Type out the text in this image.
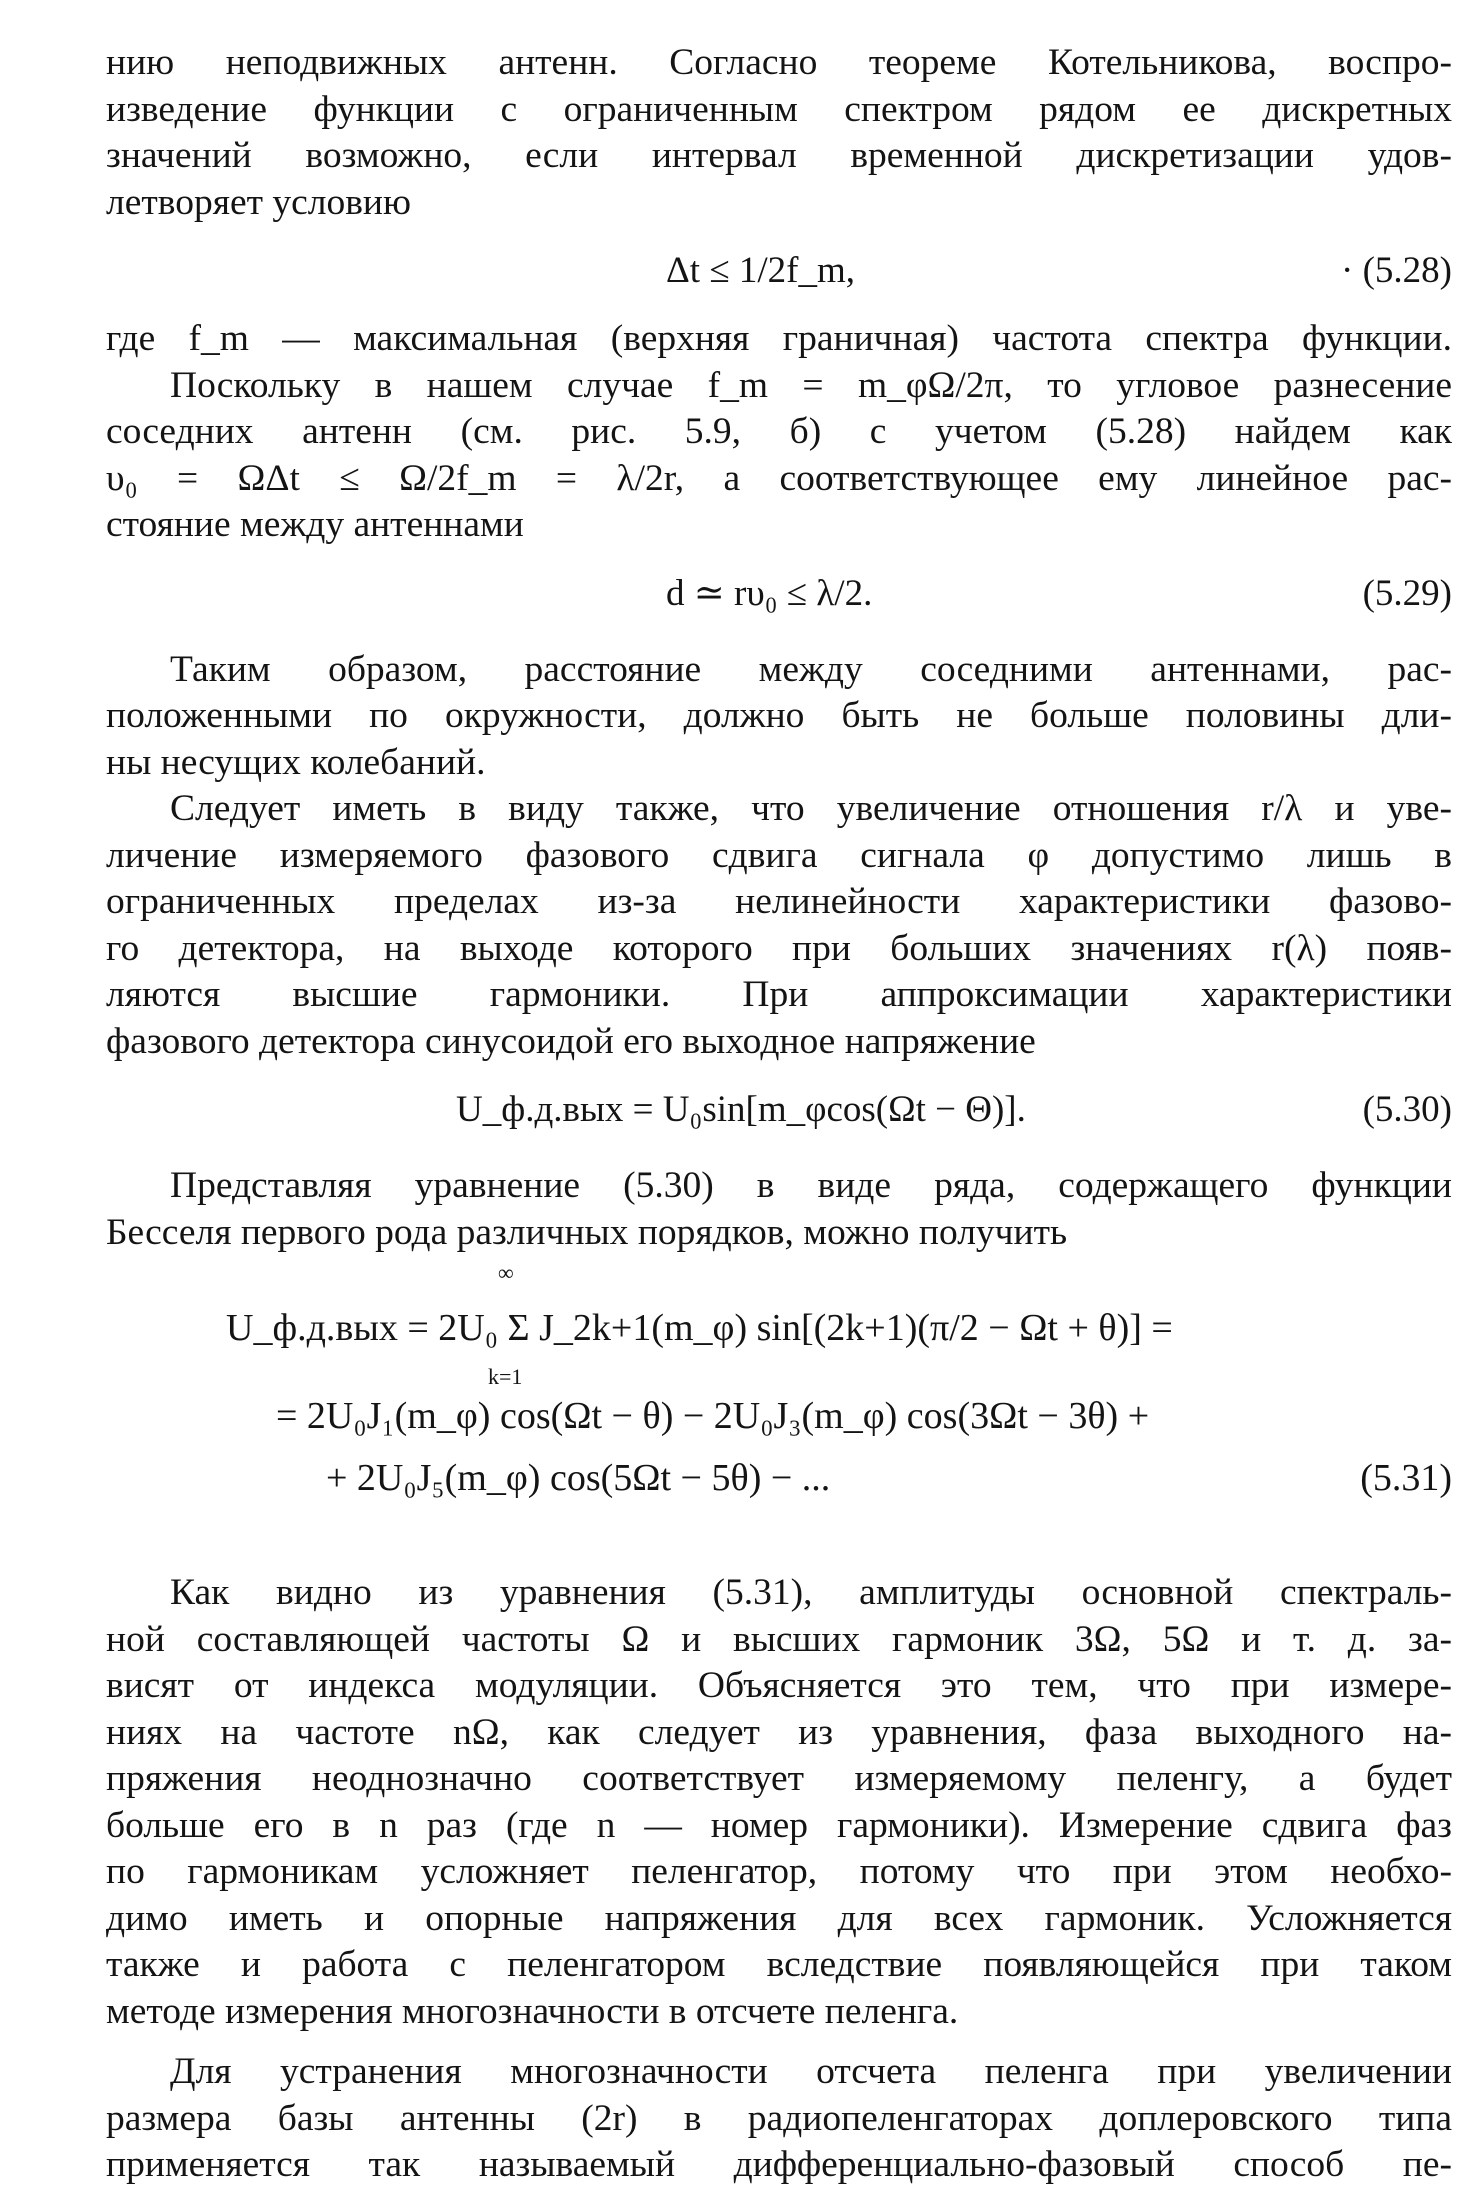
нию неподвижных антенн. Согласно теореме Котельникова, воспро-

изведение функции с ограниченным спектром рядом ее дискретных

значений возможно, если интервал временной дискретизации удов-

летворяет условию

Δt ≤ 1/2f_m,	· (5.28)

где f_m — максимальная (верхняя граничная) частота спектра функции.

Поскольку в нашем случае f_m = m_φΩ/2π, то угловое разнесение

соседних антенн (см. рис. 5.9, б) с учетом (5.28) найдем как

υ₀ = ΩΔt ≤ Ω/2f_m = λ/2r, а соответствующее ему линейное рас-

стояние между антеннами

d ≃ rυ₀ ≤ λ/2.	(5.29)

Таким образом, расстояние между соседними антеннами, рас-

положенными по окружности, должно быть не больше половины дли-

ны несущих колебаний.

Следует иметь в виду также, что увеличение отношения r/λ и уве-

личение измеряемого фазового сдвига сигнала φ допустимо лишь в

ограниченных пределах из-за нелинейности характеристики фазово-

го детектора, на выходе которого при больших значениях r(λ) появ-

ляются высшие гармоники. При аппроксимации характеристики

фазового детектора синусоидой его выходное напряжение

U_ф.д.вых = U₀sin[m_φcos(Ωt − Θ)].	(5.30)

Представляя уравнение (5.30) в виде ряда, содержащего функции

Бесселя первого рода различных порядков, можно получить

∞
k=1
U_ф.д.вых = 2U₀ Σ J_2k+1(m_φ) sin[(2k+1)(π/2 − Ωt + θ)] =
= 2U₀J₁(m_φ) cos(Ωt − θ) − 2U₀J₃(m_φ) cos(3Ωt − 3θ) +
+ 2U₀J₅(m_φ) cos(5Ωt − 5θ) − ...	(5.31)

Как видно из уравнения (5.31), амплитуды основной спектраль-

ной составляющей частоты Ω и высших гармоник 3Ω, 5Ω и т. д. за-

висят от индекса модуляции. Объясняется это тем, что при измере-

ниях на частоте nΩ, как следует из уравнения, фаза выходного на-

пряжения неоднозначно соответствует измеряемому пеленгу, а будет

больше его в n раз (где n — номер гармоники). Измерение сдвига фаз

по гармоникам усложняет пеленгатор, потому что при этом необхо-

димо иметь и опорные напряжения для всех гармоник. Усложняется

также и работа с пеленгатором вследствие появляющейся при таком

методе измерения многозначности в отсчете пеленга.

Для устранения многозначности отсчета пеленга при увеличении

размера базы антенны (2r) в радиопеленгаторах доплеровского типа

применяется так называемый дифференциально-фазовый способ пе-
